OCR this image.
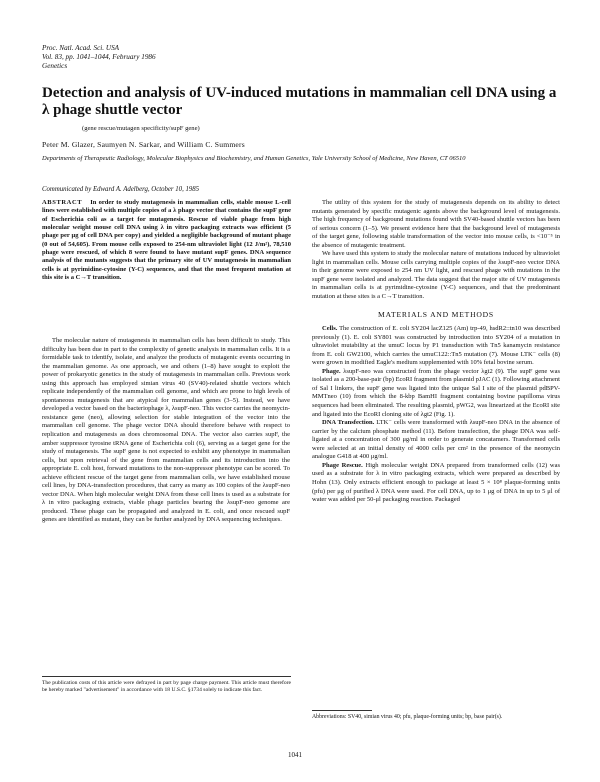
Proc. Natl. Acad. Sci. USA
Vol. 83, pp. 1041–1044, February 1986
Genetics
Detection and analysis of UV-induced mutations in mammalian cell DNA using a λ phage shuttle vector
(gene rescue/mutagen specificity/supF gene)
Peter M. Glazer, Saumyen N. Sarkar, and William C. Summers
Departments of Therapeutic Radiology, Molecular Biophysics and Biochemistry, and Human Genetics, Yale University School of Medicine, New Haven, CT 06510
Communicated by Edward A. Adelberg, October 10, 1985
ABSTRACT In order to study mutagenesis in mammalian cells, stable mouse L-cell lines were established with multiple copies of a λ phage vector that contains the supF gene of Escherichia coli as a target for mutagenesis. Rescue of viable phage from high molecular weight mouse cell DNA using λ in vitro packaging extracts was efficient (5 phage per μg of cell DNA per copy) and yielded a negligible background of mutant phage (0 out of 54,605). From mouse cells exposed to 254-nm ultraviolet light (12 J/m²), 78,510 phage were rescued, of which 8 were found to have mutant supF genes. DNA sequence analysis of the mutants suggests that the primary site of UV mutagenesis in mammalian cells is at pyrimidine-cytosine (Y-C) sequences, and that the most frequent mutation at this site is a C→T transition.

The molecular nature of mutagenesis in mammalian cells has been difficult to study. This difficulty has been due in part to the complexity of genetic analysis in mammalian cells. It is a formidable task to identify, isolate, and analyze the products of mutagenic events occurring in the mammalian genome. As one approach, we and others (1–8) have sought to exploit the power of prokaryotic genetics in the study of mutagenesis in mammalian cells. Previous work using this approach has employed simian virus 40 (SV40)-related shuttle vectors which replicate independently of the mammalian cell genome, and which are prone to high levels of spontaneous mutagenesis that are atypical for mammalian genes (3–5). Instead, we have developed a vector based on the bacteriophage λ, λsupF-neo. This vector carries the neomycin-resistance gene (neo), allowing selection for stable integration of the vector into the mammalian cell genome. The phage vector DNA should therefore behave with respect to replication and mutagenesis as does chromosomal DNA. The vector also carries supF, the amber suppressor tyrosine tRNA gene of Escherichia coli (6), serving as a target gene for the study of mutagenesis. The supF gene is not expected to exhibit any phenotype in mammalian cells, but upon retrieval of the gene from mammalian cells and its introduction into the appropriate E. coli host, forward mutations to the non-suppressor phenotype can be scored. To achieve efficient rescue of the target gene from mammalian cells, we have established mouse cell lines, by DNA-transfection procedures, that carry as many as 100 copies of the λsupF-neo vector DNA. When high molecular weight DNA from these cell lines is used as a substrate for λ in vitro packaging extracts, viable phage particles bearing the λsupF-neo genome are produced. These phage can be propagated and analyzed in E. coli, and once rescued supF genes are identified as mutant, they can be further analyzed by DNA sequencing techniques.

The utility of this system for the study of mutagenesis depends on its ability to detect mutants generated by specific mutagenic agents above the background level of mutagenesis. The high frequency of background mutations found with SV40-based shuttle vectors has been of serious concern (1–5). We present evidence here that the background level of mutagenesis of the target gene, following stable transformation of the vector into mouse cells, is <10⁻⁵ in the absence of mutagenic treatment.

We have used this system to study the molecular nature of mutations induced by ultraviolet light in mammalian cells. Mouse cells carrying multiple copies of the λsupF-neo vector DNA in their genome were exposed to 254 nm UV light, and rescued phage with mutations in the supF gene were isolated and analyzed. The data suggest that the major site of UV mutagenesis in mammalian cells is at pyrimidine-cytosine (Y-C) sequences, and that the predominant mutation at these sites is a C→T transition.

MATERIALS AND METHODS

Cells. The construction of E. coli SY204 lacZ125 (Am) trp-49, hsdR2::tn10 was described previously (1). E. coli SY801 was constructed by introduction into SY204 of a mutation in ultraviolet mutability at the umuC locus by P1 transduction with Tn5 kanamycin resistance from E. coli GW2100, which carries the umuC122::Tn5 mutation (7). Mouse LTK⁻ cells (8) were grown in modified Eagle's medium supplemented with 10% fetal bovine serum.

Phage. λsupF-neo was constructed from the phage vector λgt2 (9). The supF gene was isolated as a 200-base-pair (bp) EcoRI fragment from plasmid pJAC (1). Following attachment of Sal I linkers, the supF gene was ligated into the unique Sal I site of the plasmid pdBPV-MMTneo (10) from which the 8-kbp BamHI fragment containing bovine papilloma virus sequences had been eliminated. The resulting plasmid, pWG2, was linearized at the EcoRI site and ligated into the EcoRI cloning site of λgt2 (Fig. 1).

DNA Transfection. LTK⁻ cells were transformed with λsupF-neo DNA in the absence of carrier by the calcium phosphate method (11). Before transfection, the phage DNA was self-ligated at a concentration of 300 μg/ml in order to generate concatamers. Transformed cells were selected at an initial density of 4000 cells per cm² in the presence of the neomycin analogue G418 at 400 μg/ml.

Phage Rescue. High molecular weight DNA prepared from transformed cells (12) was used as a substrate for λ in vitro packaging extracts, which were prepared as described by Hohn (13). Only extracts efficient enough to package at least 5 × 10⁸ plaque-forming units (pfu) per μg of purified λ DNA were used. For cell DNA, up to 1 μg of DNA in up to 5 μl of water was added per 50-μl packaging reaction. Packaged

The publication costs of this article were defrayed in part by page charge payment. This article must therefore be hereby marked "advertisement" in accordance with 18 U.S.C. §1734 solely to indicate this fact.
Abbreviations: SV40, simian virus 40; pfu, plaque-forming units; bp, base pair(s).
1041
